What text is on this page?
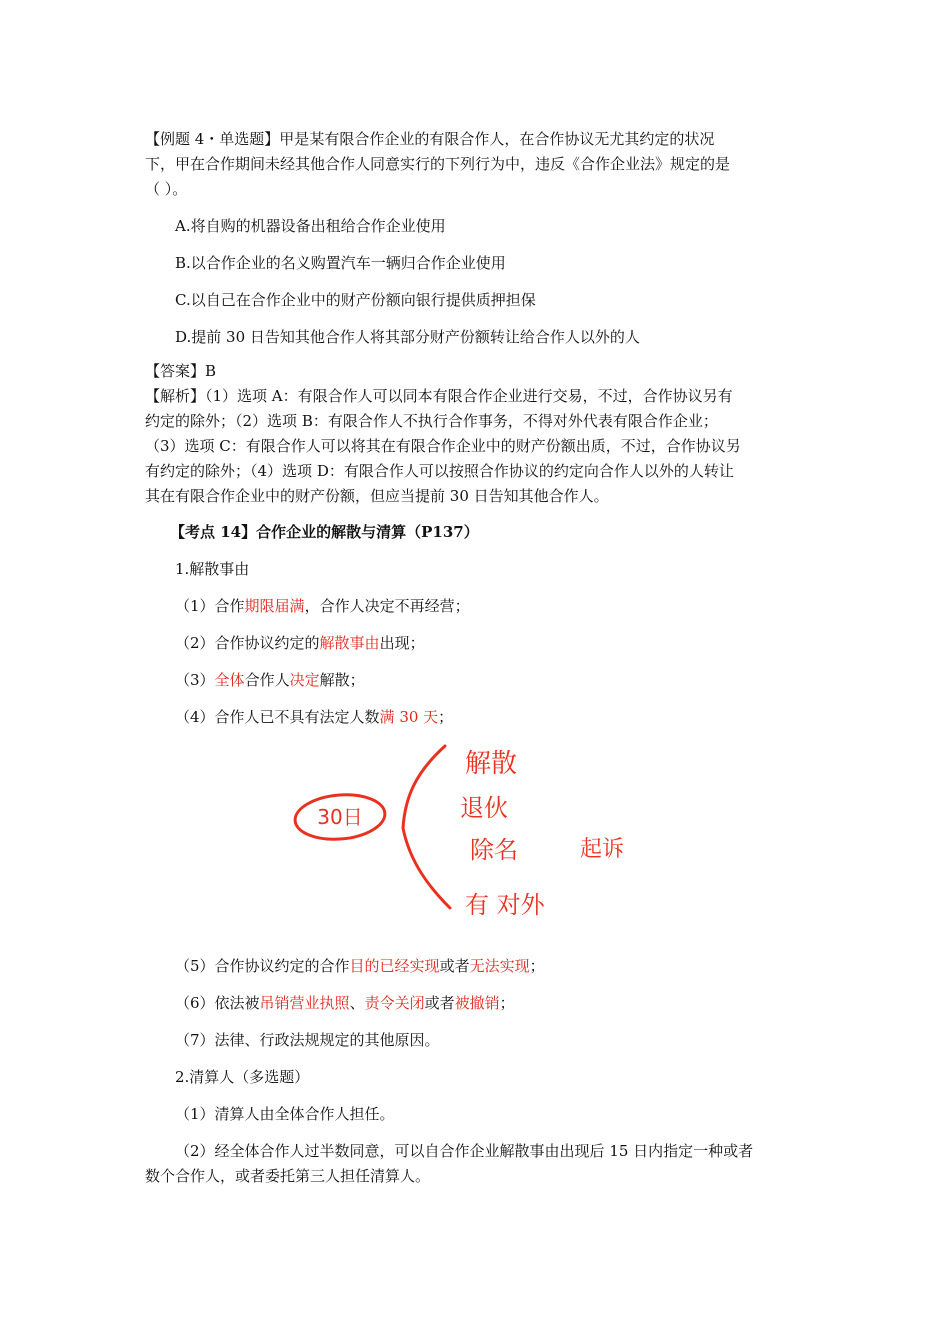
【例题 4・单选题】甲是某有限合作企业的有限合作人，在合作协议无尤其约定的状况
下，甲在合作期间未经其他合作人同意实行的下列行为中，违反《合作企业法》规定的是
（ ）。
A.将自购的机器设备出租给合作企业使用
B.以合作企业的名义购置汽车一辆归合作企业使用
C.以自己在合作企业中的财产份额向银行提供质押担保
D.提前 30 日告知其他合作人将其部分财产份额转让给合作人以外的人
【答案】B
【解析】（1）选项 A：有限合作人可以同本有限合作企业进行交易，不过，合作协议另有
约定的除外；（2）选项 B：有限合作人不执行合作事务，不得对外代表有限合作企业；
（3）选项 C：有限合作人可以将其在有限合作企业中的财产份额出质，不过，合作协议另
有约定的除外；（4）选项 D：有限合作人可以按照合作协议的约定向合作人以外的人转让
其在有限合作企业中的财产份额，但应当提前 30 日告知其他合作人。
【考点 14】合作企业的解散与清算（P137）
1.解散事由
（1）合作期限届满，合作人决定不再经营；
（2）合作协议约定的解散事由出现；
（3）全体合作人决定解散；
（4）合作人已不具有法定人数满 30 天；
30日
解散
退伙
除名	起诉
有 对外
（5）合作协议约定的合作目的已经实现或者无法实现；
（6）依法被吊销营业执照、责令关闭或者被撤销；
（7）法律、行政法规规定的其他原因。
2.清算人（多选题）
（1）清算人由全体合作人担任。
（2）经全体合作人过半数同意，可以自合作企业解散事由出现后 15 日内指定一种或者
数个合作人，或者委托第三人担任清算人。
